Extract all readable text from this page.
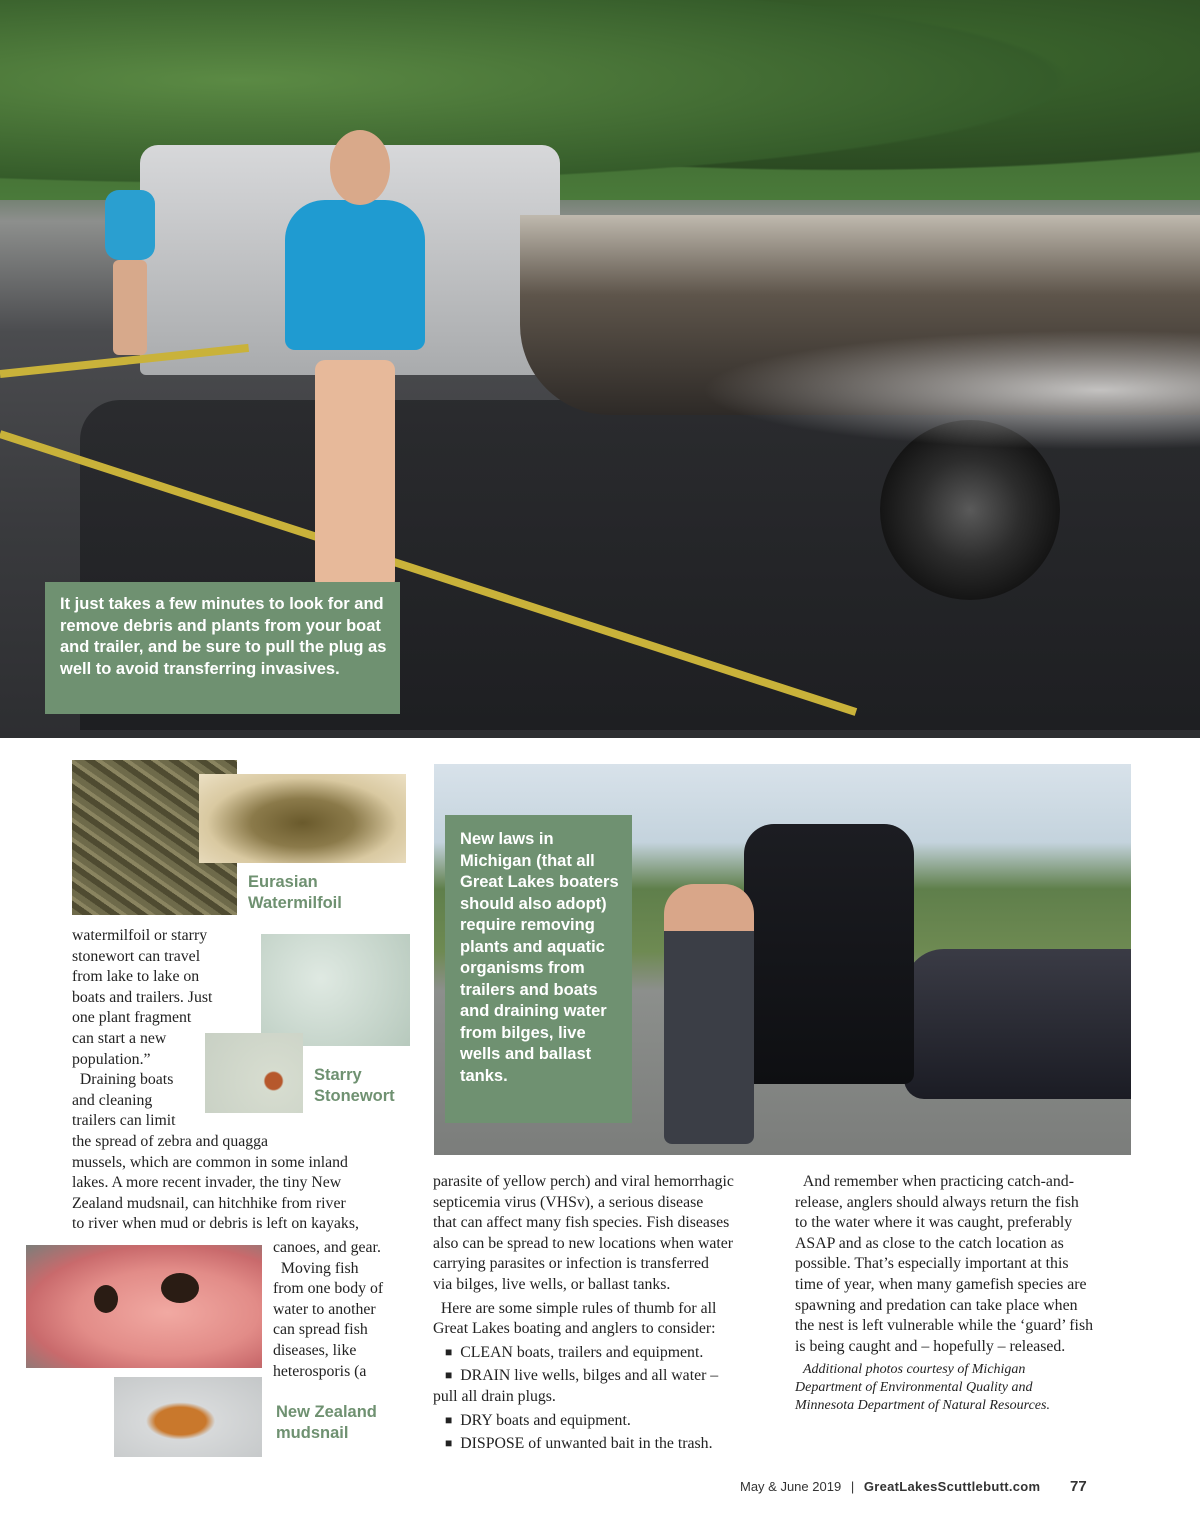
It just takes a few minutes to look for and remove debris and plants from your boat and trailer, and be sure to pull the plug as well to avoid transferring invasives.
Eurasian
Watermilfoil
Starry
Stonewort
New Zealand
mudsnail
New laws in Michigan (that all Great Lakes boaters should also adopt) require removing plants and aquatic organisms from trailers and boats and draining water from bilges, live wells and ballast tanks.

watermilfoil or starry

stonewort can travel

from lake to lake on

boats and trailers. Just

one plant fragment

can start a new

population.”

Draining boats

and cleaning

trailers can limit

the spread of zebra and quagga

mussels, which are common in some inland

lakes. A more recent invader, the tiny New

Zealand mudsnail, can hitchhike from river

to river when mud or debris is left on kayaks,

canoes, and gear.

Moving fish

from one body of

water to another

can spread fish

diseases, like

heterosporis (a

parasite of yellow perch) and viral hemorrhagic

septicemia virus (VHSv), a serious disease

that can affect many fish species. Fish diseases

also can be spread to new locations when water

carrying parasites or infection is transferred

via bilges, live wells, or ballast tanks.

Here are some simple rules of thumb for all

Great Lakes boating and anglers to consider:

■ CLEAN boats, trailers and equipment.

■ DRAIN live wells, bilges and all water –

pull all drain plugs.

■ DRY boats and equipment.

■ DISPOSE of unwanted bait in the trash.

And remember when practicing catch-and-

release, anglers should always return the fish

to the water where it was caught, preferably

ASAP and as close to the catch location as

possible. That’s especially important at this

time of year, when many gamefish species are

spawning and predation can take place when

the nest is left vulnerable while the ‘guard’ fish

is being caught and – hopefully – released.

Additional photos courtesy of Michigan

Department of Environmental Quality and

Minnesota Department of Natural Resources.

May & June 2019 | GreatLakesScuttlebutt.com 77
